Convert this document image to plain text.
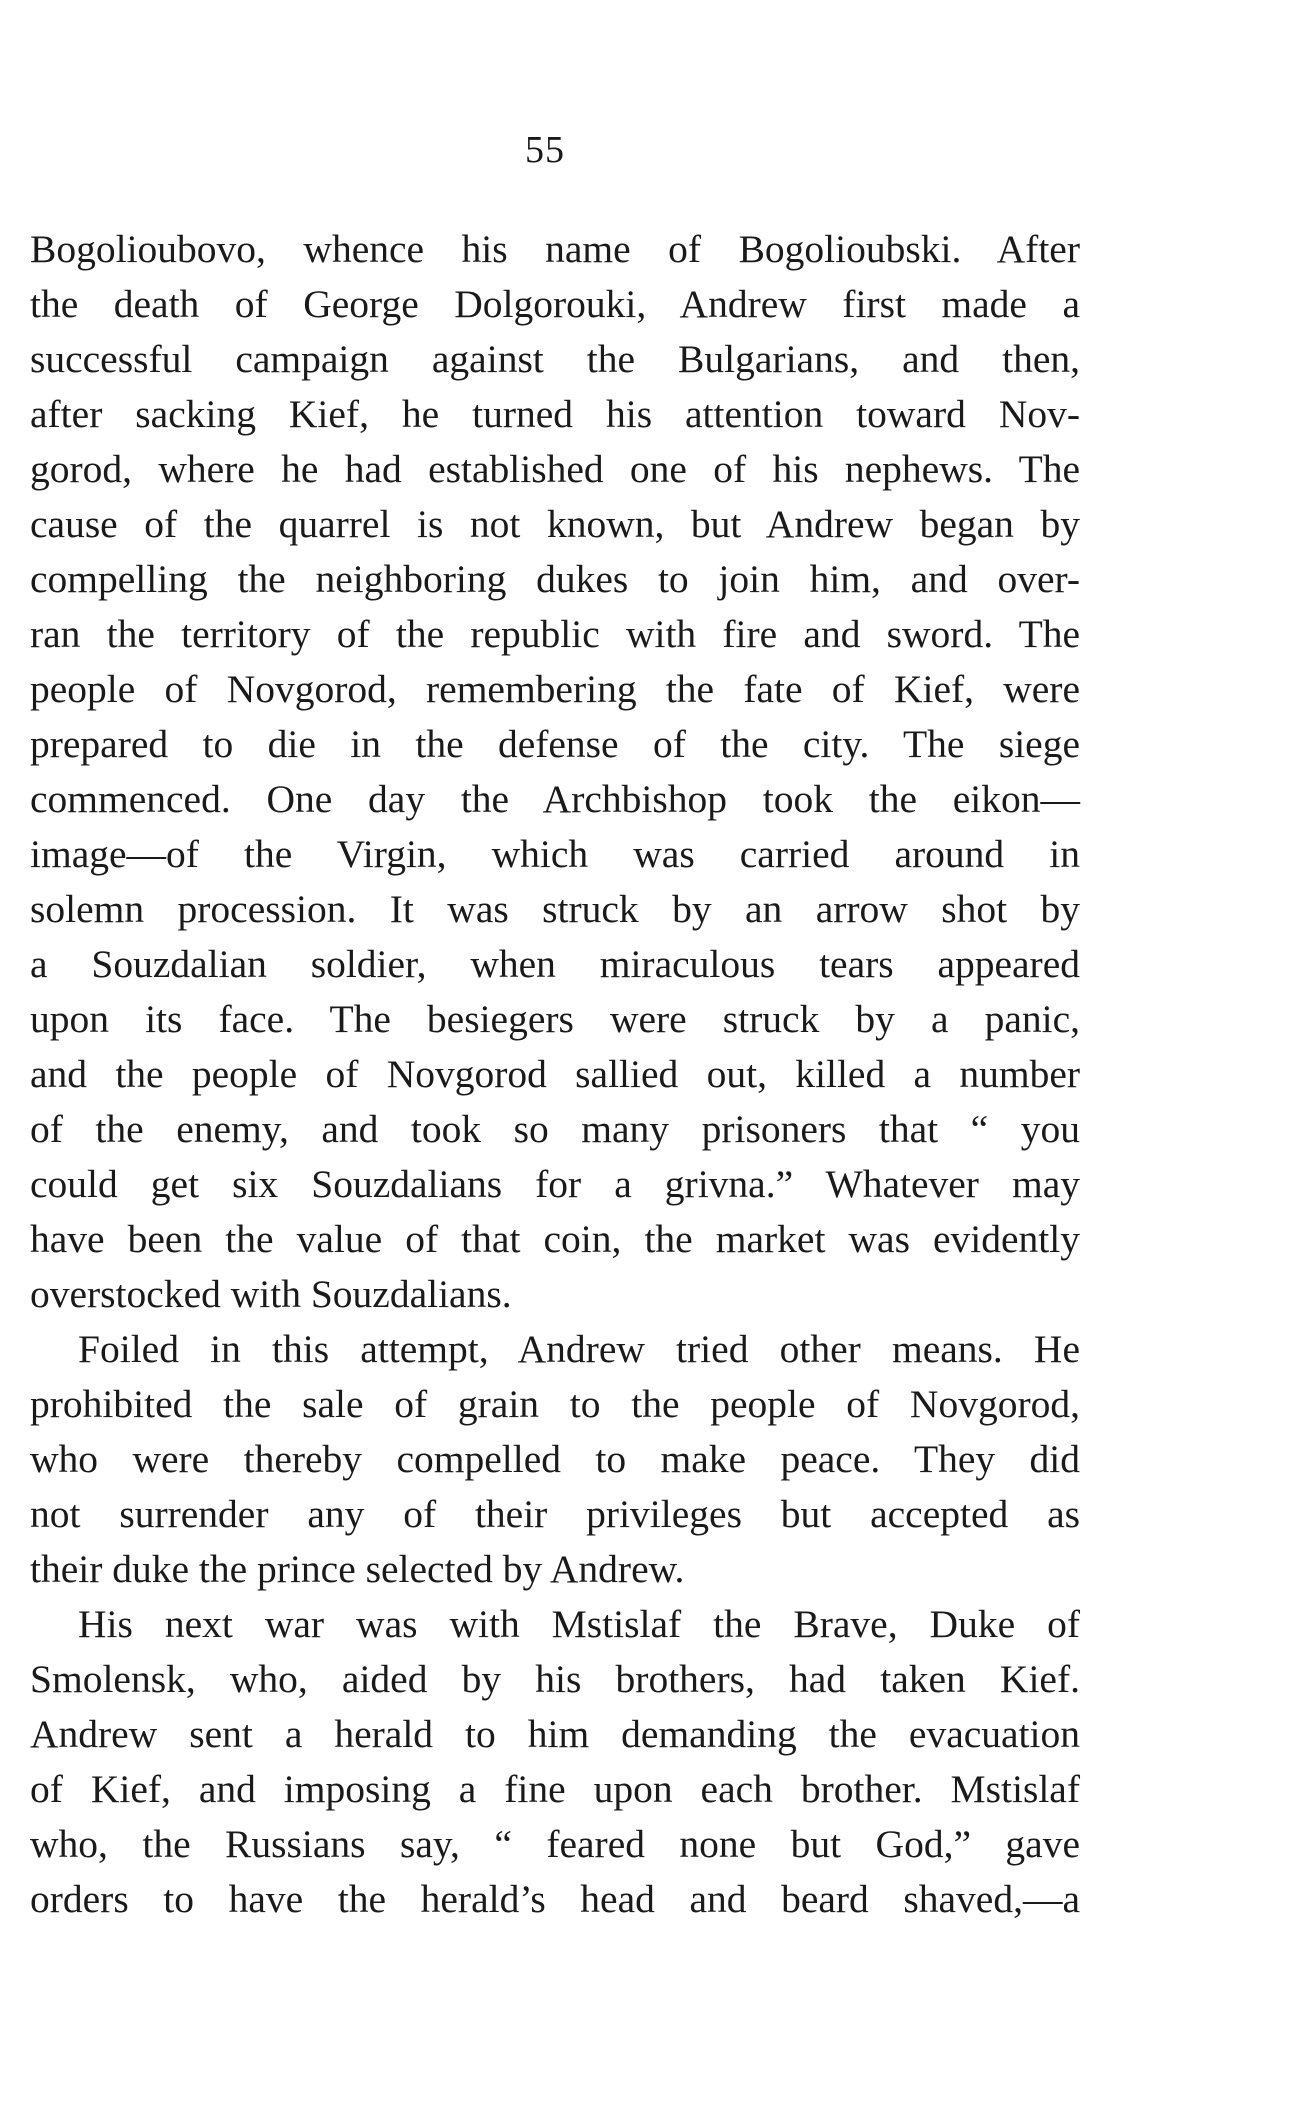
55
Bogolioubovo, whence his name of Bogolioubski. After
the death of George Dolgorouki, Andrew first made a
successful campaign against the Bulgarians, and then,
after sacking Kief, he turned his attention toward Nov-
gorod, where he had established one of his nephews. The
cause of the quarrel is not known, but Andrew began by
compelling the neighboring dukes to join him, and over-
ran the territory of the republic with fire and sword. The
people of Novgorod, remembering the fate of Kief, were
prepared to die in the defense of the city. The siege
commenced. One day the Archbishop took the eikon—
image—of the Virgin, which was carried around in
solemn procession. It was struck by an arrow shot by
a Souzdalian soldier, when miraculous tears appeared
upon its face. The besiegers were struck by a panic,
and the people of Novgorod sallied out, killed a number
of the enemy, and took so many prisoners that “ you
could get six Souzdalians for a grivna.” Whatever may
have been the value of that coin, the market was evidently
overstocked with Souzdalians.
Foiled in this attempt, Andrew tried other means. He
prohibited the sale of grain to the people of Novgorod,
who were thereby compelled to make peace. They did
not surrender any of their privileges but accepted as
their duke the prince selected by Andrew.
His next war was with Mstislaf the Brave, Duke of
Smolensk, who, aided by his brothers, had taken Kief.
Andrew sent a herald to him demanding the evacuation
of Kief, and imposing a fine upon each brother. Mstislaf
who, the Russians say, “ feared none but God,” gave
orders to have the herald’s head and beard shaved,—a
